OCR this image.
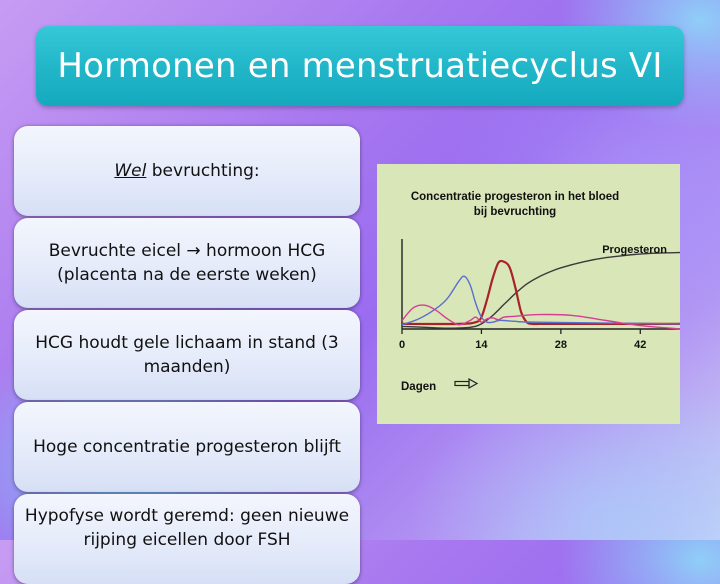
Hormonen en menstruatiecyclus VI
Wel bevruchting:
Bevruchte eicel → hormoon HCG (placenta na de eerste weken)
HCG houdt gele lichaam in stand (3 maanden)
Hoge concentratie progesteron blijft
Hypofyse wordt geremd: geen nieuwe rijping eicellen door FSH
Concentratie progesteron in het bloed
bij bevruchting
Progesteron
0	14	28	42
Dagen
